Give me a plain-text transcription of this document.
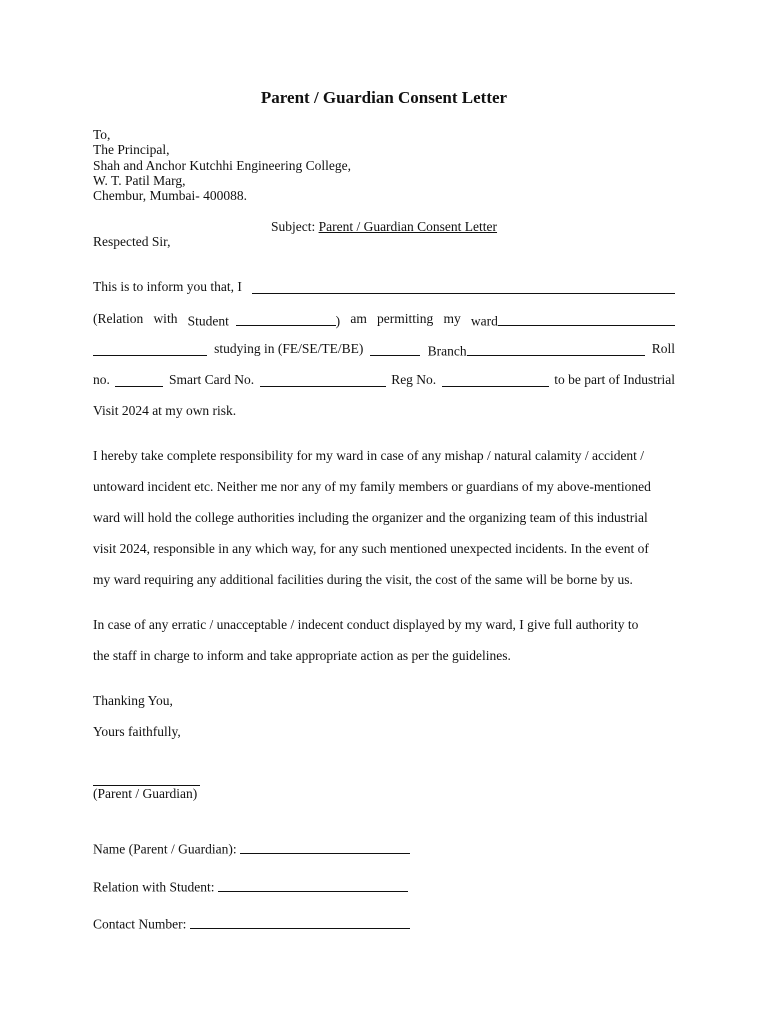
Parent / Guardian Consent Letter
To,
The Principal,
Shah and Anchor Kutchhi Engineering College,
W. T. Patil Marg,
Chembur, Mumbai- 400088.
Subject: Parent / Guardian Consent Letter
Respected Sir,
This is to inform you that, I
(Relation with Student	) am permitting my ward
studying in (FE/SE/TE/BE)	Branch	Roll
no.	Smart Card No.	Reg No.	to be part of Industrial
Visit 2024 at my own risk.
I hereby take complete responsibility for my ward in case of any mishap / natural calamity / accident /
untoward incident etc. Neither me nor any of my family members or guardians of my above-mentioned
ward will hold the college authorities including the organizer and the organizing team of this industrial
visit 2024, responsible in any which way, for any such mentioned unexpected incidents. In the event of
my ward requiring any additional facilities during the visit, the cost of the same will be borne by us.
In case of any erratic / unacceptable / indecent conduct displayed by my ward, I give full authority to
the staff in charge to inform and take appropriate action as per the guidelines.
Thanking You,
Yours faithfully,
(Parent / Guardian)
Name (Parent / Guardian):
Relation with Student:
Contact Number:
